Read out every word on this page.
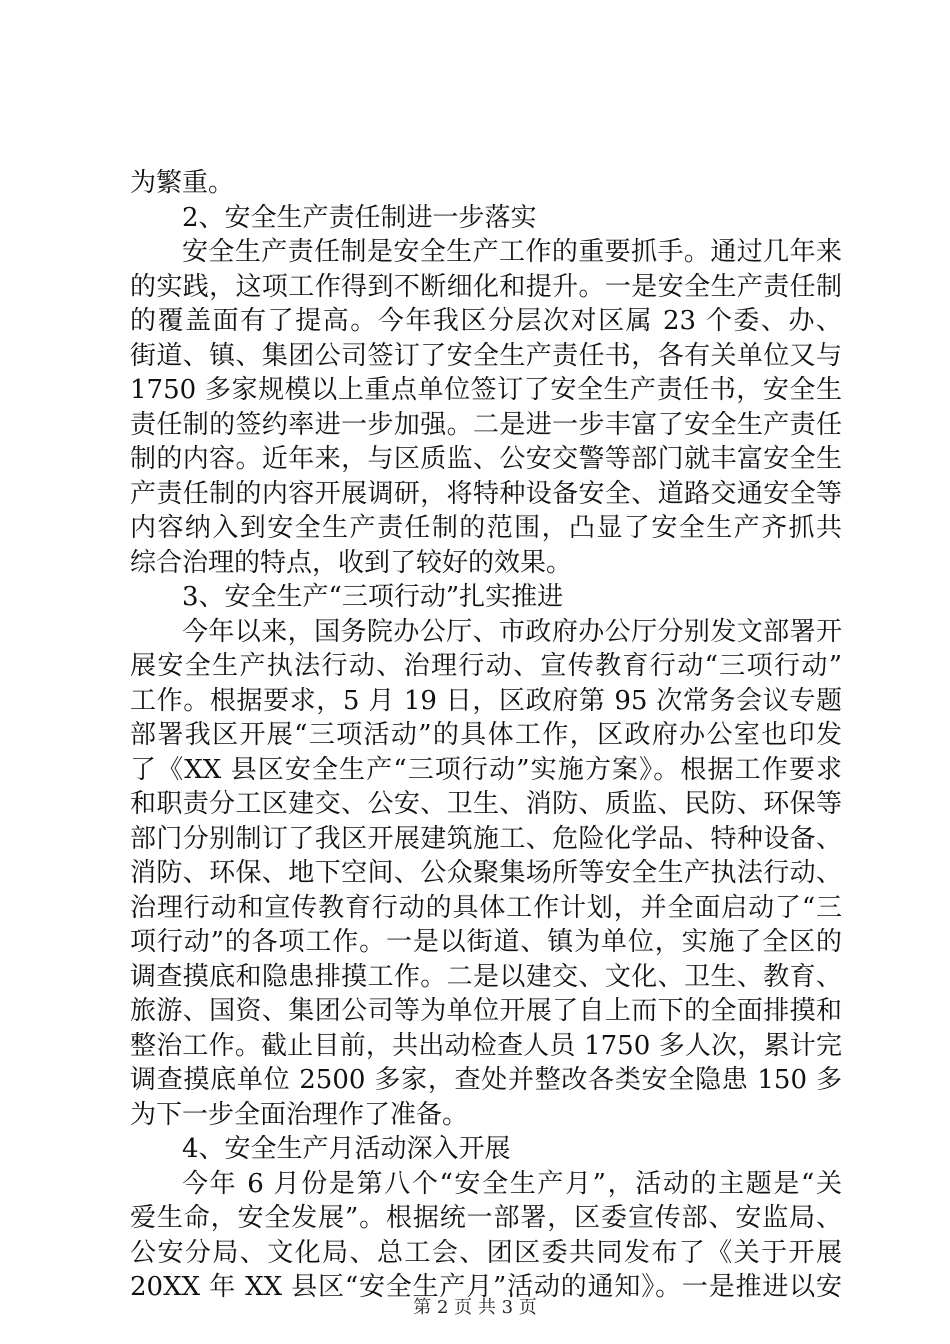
为繁重。
2、安全生产责任制进一步落实
安全生产责任制是安全生产工作的重要抓手。通过几年来
的实践，这项工作得到不断细化和提升。一是安全生产责任制
的覆盖面有了提高。今年我区分层次对区属 23 个委、办、
街道、镇、集团公司签订了安全生产责任书，各有关单位又与
1750 多家规模以上重点单位签订了安全生产责任书，安全生
责任制的签约率进一步加强。二是进一步丰富了安全生产责任
制的内容。近年来，与区质监、公安交警等部门就丰富安全生
产责任制的内容开展调研，将特种设备安全、道路交通安全等
内容纳入到安全生产责任制的范围，凸显了安全生产齐抓共
综合治理的特点，收到了较好的效果。
3、安全生产“三项行动”扎实推进
今年以来，国务院办公厅、市政府办公厅分别发文部署开
展安全生产执法行动、治理行动、宣传教育行动“三项行动”
工作。根据要求，5 月 19 日，区政府第 95 次常务会议专题
部署我区开展“三项活动”的具体工作，区政府办公室也印发
了《XX 县区安全生产“三项行动”实施方案》。根据工作要求
和职责分工区建交、公安、卫生、消防、质监、民防、环保等
部门分别制订了我区开展建筑施工、危险化学品、特种设备、
消防、环保、地下空间、公众聚集场所等安全生产执法行动、
治理行动和宣传教育行动的具体工作计划，并全面启动了“三
项行动”的各项工作。一是以街道、镇为单位，实施了全区的
调查摸底和隐患排摸工作。二是以建交、文化、卫生、教育、
旅游、国资、集团公司等为单位开展了自上而下的全面排摸和
整治工作。截止目前，共出动检查人员 1750 多人次，累计完
调查摸底单位 2500 多家，查处并整改各类安全隐患 150 多
为下一步全面治理作了准备。
4、安全生产月活动深入开展
今年 6 月份是第八个“安全生产月”，活动的主题是“关
爱生命，安全发展”。根据统一部署，区委宣传部、安监局、
公安分局、文化局、总工会、团区委共同发布了《关于开展
20XX 年 XX 县区“安全生产月”活动的通知》。一是推进以安
第 2 页 共 3 页
